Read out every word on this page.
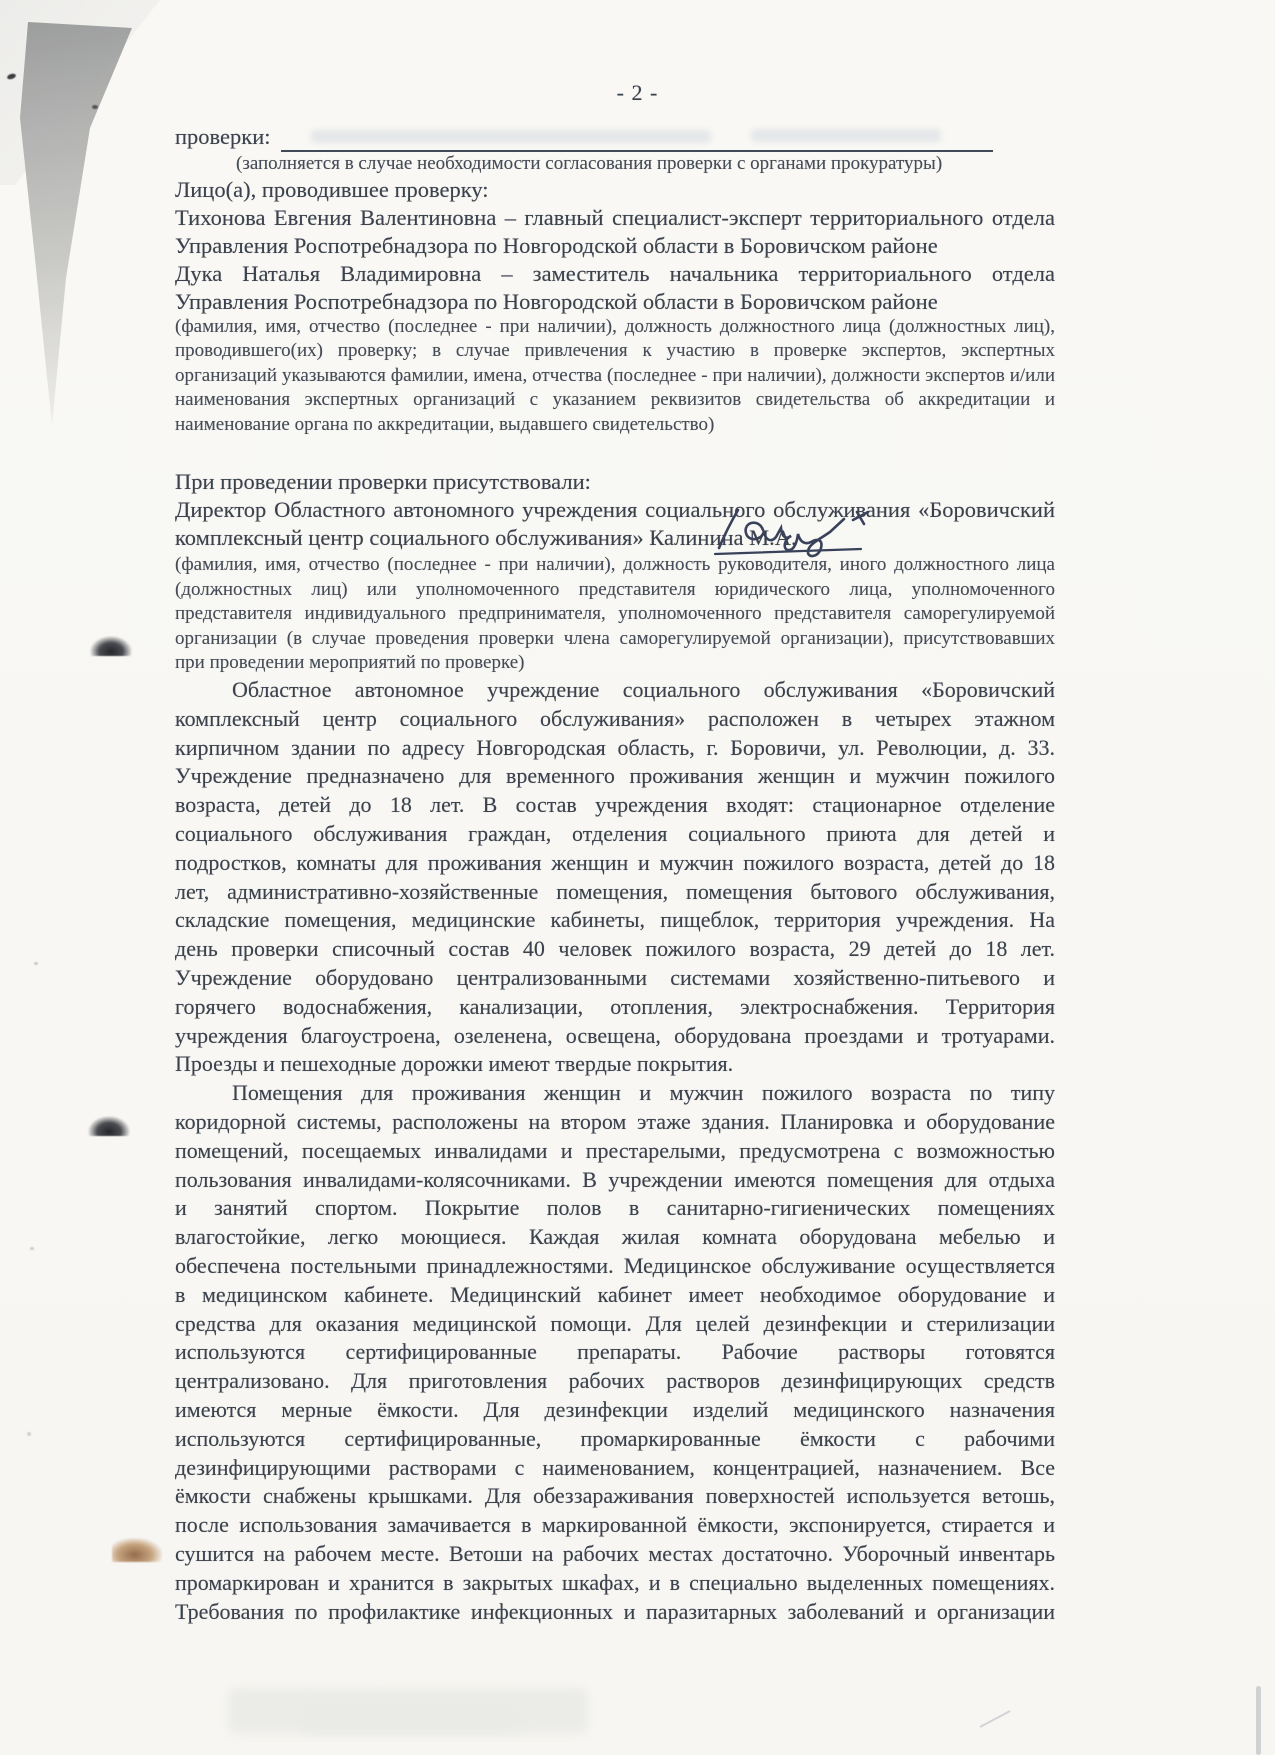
- 2 -
проверки:
(заполняется в случае необходимости согласования проверки с органами прокуратуры)
Лицо(а), проводившее проверку:
Тихонова Евгения Валентиновна – главный специалист-эксперт территориального отдела
Управления Роспотребнадзора по Новгородской области в Боровичском районе
Дука Наталья Владимировна – заместитель начальника территориального отдела
Управления Роспотребнадзора по Новгородской области в Боровичском районе
(фамилия, имя, отчество (последнее - при наличии), должность должностного лица (должностных лиц),
проводившего(их) проверку; в случае привлечения к участию в проверке экспертов, экспертных
организаций указываются фамилии, имена, отчества (последнее - при наличии), должности экспертов и/или
наименования экспертных организаций с указанием реквизитов свидетельства об аккредитации и
наименование органа по аккредитации, выдавшего свидетельство)
При проведении проверки присутствовали:
Директор Областного автономного учреждения социального обслуживания «Боровичский
комплексный центр социального обслуживания» Калинина М.А.
(фамилия, имя, отчество (последнее - при наличии), должность руководителя, иного должностного лица
(должностных лиц) или уполномоченного представителя юридического лица, уполномоченного
представителя индивидуального предпринимателя, уполномоченного представителя саморегулируемой
организации (в случае проведения проверки члена саморегулируемой организации), присутствовавших
при проведении мероприятий по проверке)
Областное автономное учреждение социального обслуживания «Боровичский
комплексный центр социального обслуживания» расположен в четырех этажном
кирпичном здании по адресу Новгородская область, г. Боровичи, ул. Революции, д. 33.
Учреждение предназначено для временного проживания женщин и мужчин пожилого
возраста, детей до 18 лет. В состав учреждения входят: стационарное отделение
социального обслуживания граждан, отделения социального приюта для детей и
подростков, комнаты для проживания женщин и мужчин пожилого возраста, детей до 18
лет, административно-хозяйственные помещения, помещения бытового обслуживания,
складские помещения, медицинские кабинеты, пищеблок, территория учреждения. На
день проверки списочный состав 40 человек пожилого возраста, 29 детей до 18 лет.
Учреждение оборудовано централизованными системами хозяйственно-питьевого и
горячего водоснабжения, канализации, отопления, электроснабжения. Территория
учреждения благоустроена, озеленена, освещена, оборудована проездами и тротуарами.
Проезды и пешеходные дорожки имеют твердые покрытия.
Помещения для проживания женщин и мужчин пожилого возраста по типу
коридорной системы, расположены на втором этаже здания. Планировка и оборудование
помещений, посещаемых инвалидами и престарелыми, предусмотрена с возможностью
пользования инвалидами-колясочниками. В учреждении имеются помещения для отдыха
и занятий спортом. Покрытие полов в санитарно-гигиенических помещениях
влагостойкие, легко моющиеся. Каждая жилая комната оборудована мебелью и
обеспечена постельными принадлежностями. Медицинское обслуживание осуществляется
в медицинском кабинете. Медицинский кабинет имеет необходимое оборудование и
средства для оказания медицинской помощи. Для целей дезинфекции и стерилизации
используются сертифицированные препараты. Рабочие растворы готовятся
централизовано. Для приготовления рабочих растворов дезинфицирующих средств
имеются мерные ёмкости. Для дезинфекции изделий медицинского назначения
используются сертифицированные, промаркированные ёмкости с рабочими
дезинфицирующими растворами с наименованием, концентрацией, назначением. Все
ёмкости снабжены крышками. Для обеззараживания поверхностей используется ветошь,
после использования замачивается в маркированной ёмкости, экспонируется, стирается и
сушится на рабочем месте. Ветоши на рабочих местах достаточно. Уборочный инвентарь
промаркирован и хранится в закрытых шкафах, и в специально выделенных помещениях.
Требования по профилактике инфекционных и паразитарных заболеваний и организации
